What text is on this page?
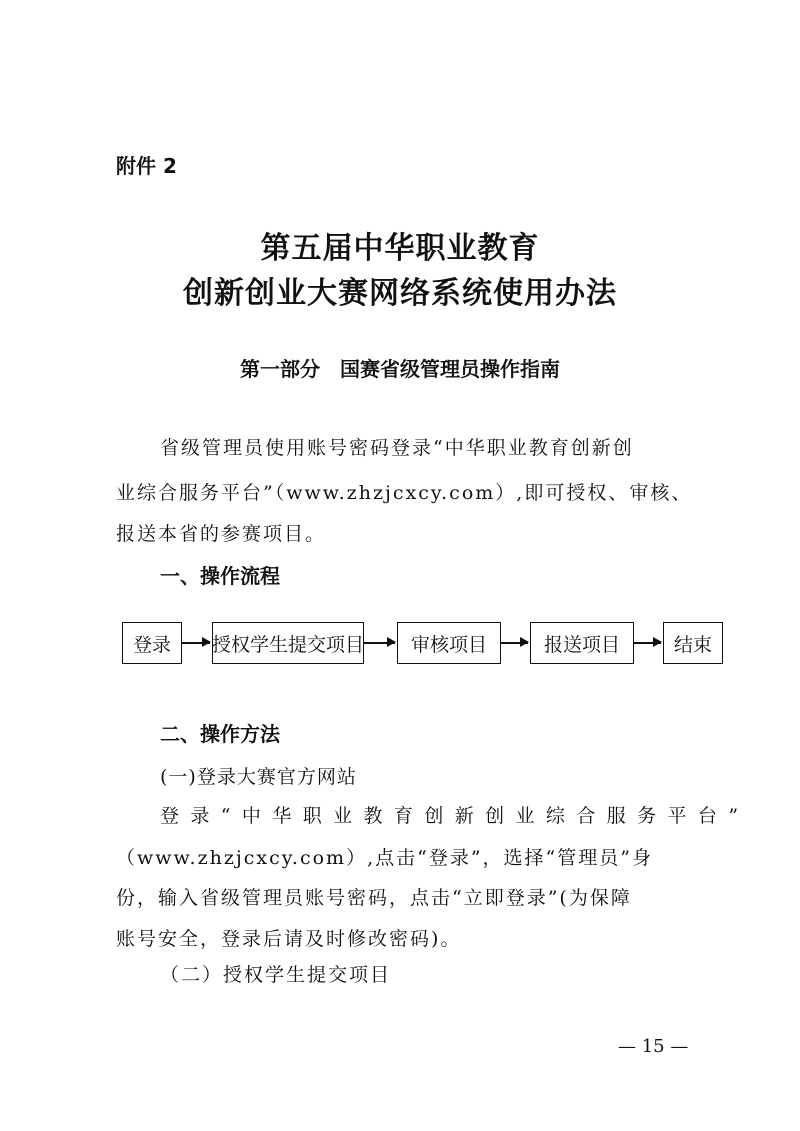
附件 2
第五届中华职业教育
创新创业大赛网络系统使用办法
第一部分　国赛省级管理员操作指南
省级管理员使用账号密码登录“中华职业教育创新创
业综合服务平台”（www.zhzjcxcy.com）,即可授权、审核、
报送本省的参赛项目。
一、操作流程
登录	授权学生提交项目	审核项目	报送项目	结束
二、操作方法
(一)登录大赛官方网站
登录“中华职业教育创新创业综合服务平台”
（www.zhzjcxcy.com）,点击“登录”，选择“管理员”身
份，输入省级管理员账号密码，点击“立即登录”(为保障
账号安全，登录后请及时修改密码)。
（二）授权学生提交项目
— 15 —
